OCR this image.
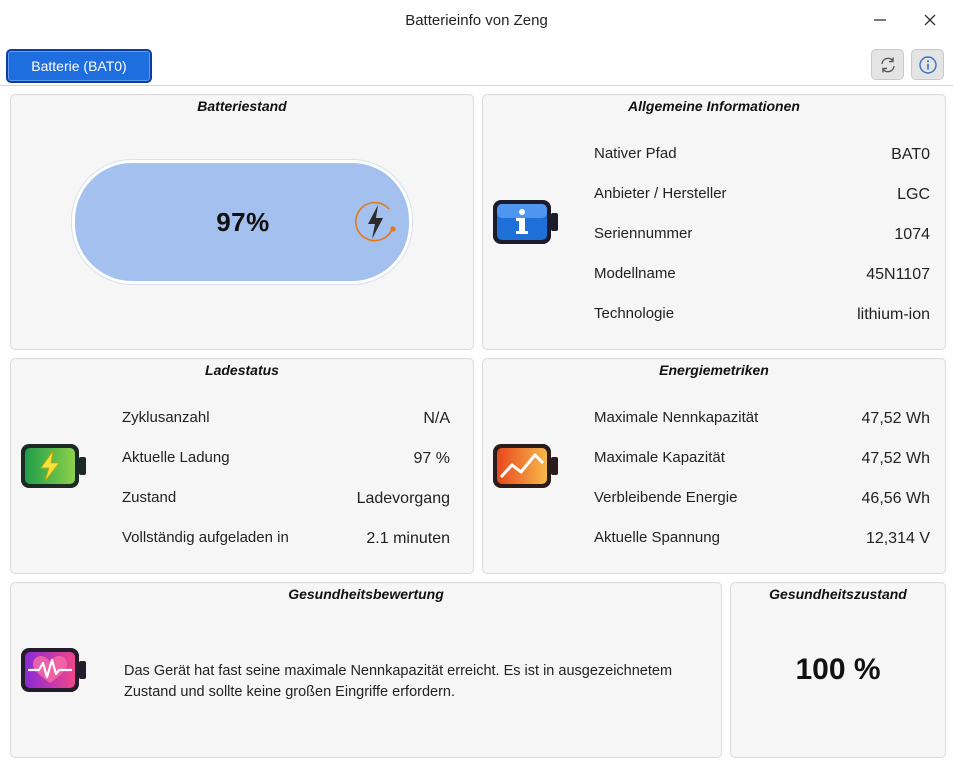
Batterieinfo von Zeng
Batterie (BAT0)
Batteriestand
97%
Allgemeine Informationen
Nativer Pfad	BAT0
Anbieter / Hersteller	LGC
Seriennummer	1074
Modellname	45N1107
Technologie	lithium-ion
Ladestatus
Zyklusanzahl	N/A
Aktuelle Ladung	97 %
Zustand	Ladevorgang
Vollständig aufgeladen in	2.1 minuten
Energiemetriken
Maximale Nennkapazität	47,52 Wh
Maximale Kapazität	47,52 Wh
Verbleibende Energie	46,56 Wh
Aktuelle Spannung	12,314 V
Gesundheitsbewertung
Das Gerät hat fast seine maximale Nennkapazität erreicht. Es ist in ausgezeichnetem Zustand und sollte keine großen Eingriffe erfordern.
Gesundheitszustand
100 %
